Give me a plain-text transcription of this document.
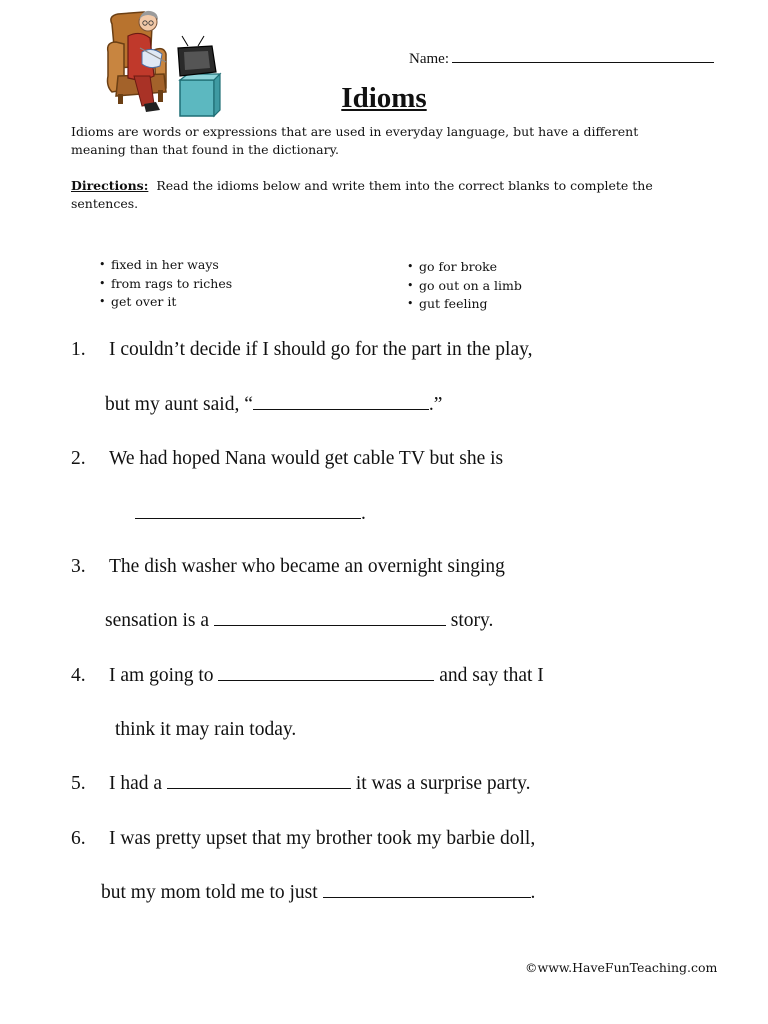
Name:
Idioms
Idioms are words or expressions that are used in everyday language, but have a different meaning than that found in the dictionary.
Directions: Read the idioms below and write them into the correct blanks to complete the sentences.
• fixed in her ways
• from rags to riches
• get over it
• go for broke
• go out on a limb
• gut feeling
1. I couldn’t decide if I should go for the part in the play,
but my aunt said, “	.”
2. We had hoped Nana would get cable TV but she is
.
3. The dish washer who became an overnight singing
sensation is a	story.
4. I am going to	and say that I
think it may rain today.
5. I had a	it was a surprise party.
6. I was pretty upset that my brother took my barbie doll,
but my mom told me to just	.
©www.HaveFunTeaching.com
